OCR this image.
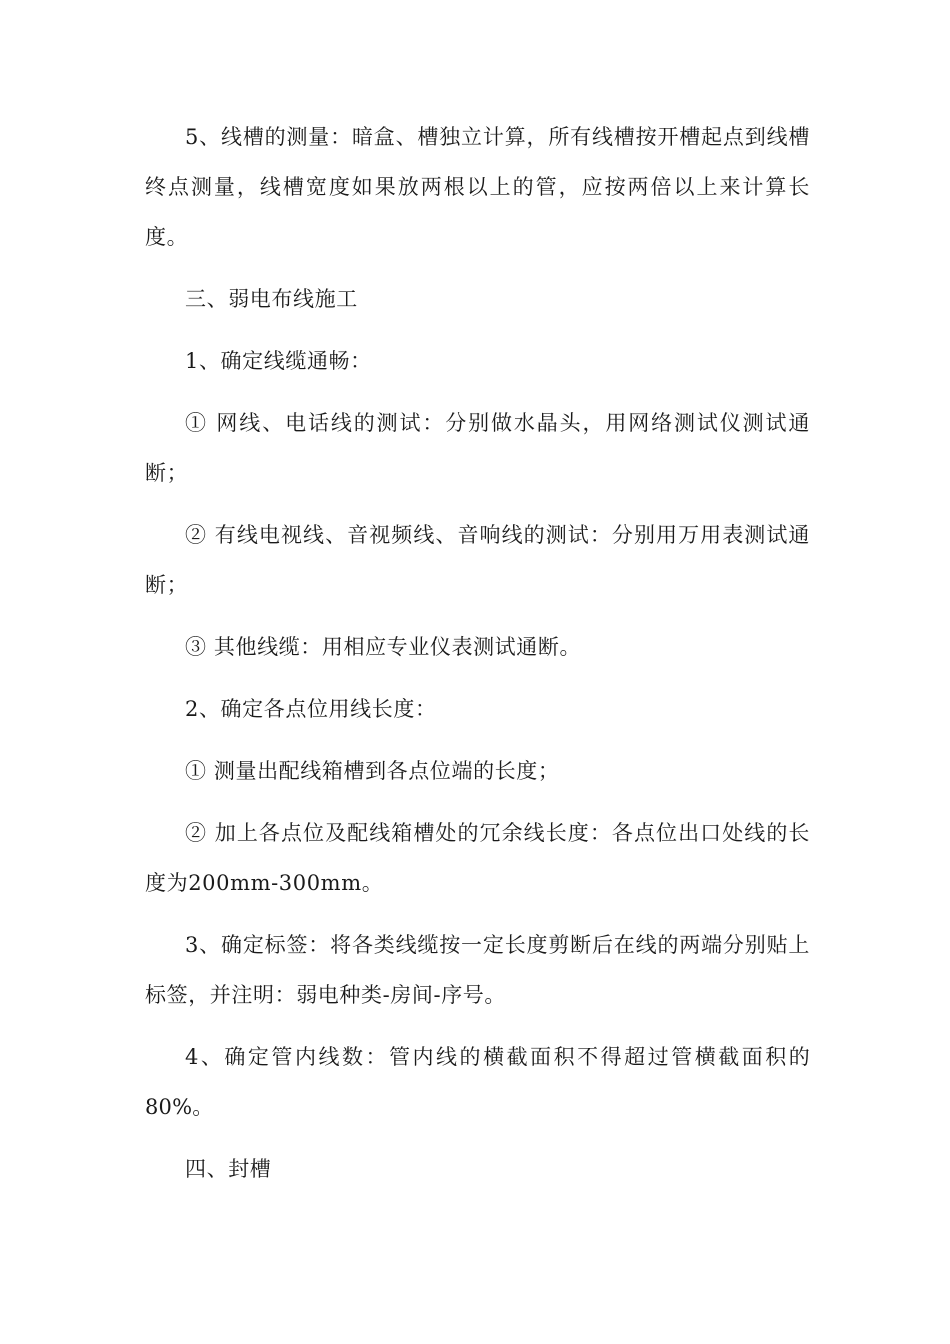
5、线槽的测量：暗盒、槽独立计算，所有线槽按开槽起点到线槽终点测量，线槽宽度如果放两根以上的管，应按两倍以上来计算长度。

三、弱电布线施工

1、确定线缆通畅：

① 网线、电话线的测试：分别做水晶头，用网络测试仪测试通断；

② 有线电视线、音视频线、音响线的测试：分别用万用表测试通断；

③ 其他线缆：用相应专业仪表测试通断。

2、确定各点位用线长度：

① 测量出配线箱槽到各点位端的长度；

② 加上各点位及配线箱槽处的冗余线长度：各点位出口处线的长度为200mm-300mm。

3、确定标签：将各类线缆按一定长度剪断后在线的两端分别贴上标签，并注明：弱电种类-房间-序号。

4、确定管内线数：管内线的横截面积不得超过管横截面积的80%。

四、封槽
